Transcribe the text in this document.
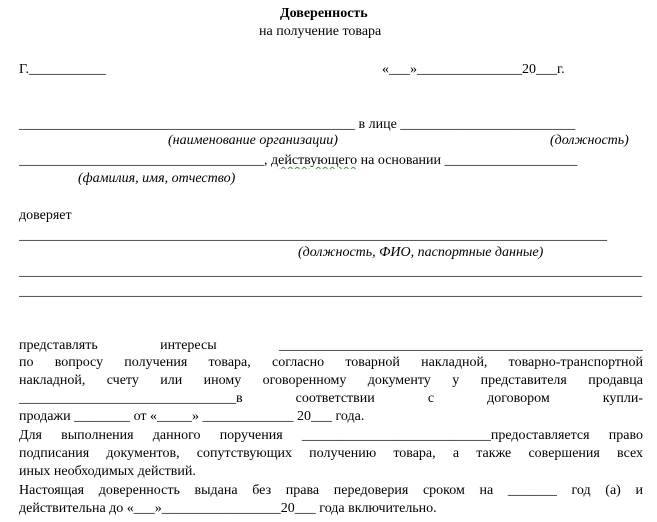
Доверенность
на получение товара
Г.___________	«___»_______________20___г.
________________________________________________ в лице _________________________
(наименование организации)	(должность)
___________________________________, действующего на основании ___________________
(фамилия, имя, отчество)
доверяет
____________________________________________________________________________________
(должность, ФИО, паспортные данные)
_________________________________________________________________________________________
_________________________________________________________________________________________
представлять интересы ____________________________________________________
по вопросу получения товара, согласно товарной накладной, товарно-транспортной
накладной, счету или иному оговоренному документу у представителя продавца
_______________________________в соответствии с договором купли-
продажи ________ от «_____» _____________ 20___ года.
Для выполнения данного поручения ___________________________предоставляется право
подписания документов, сопутствующих получению товара, а также совершения всех
иных необходимых действий.
Настоящая доверенность выдана без права передоверия сроком на _______ год (а) и
действительна до «___»_________________20___ года включительно.
